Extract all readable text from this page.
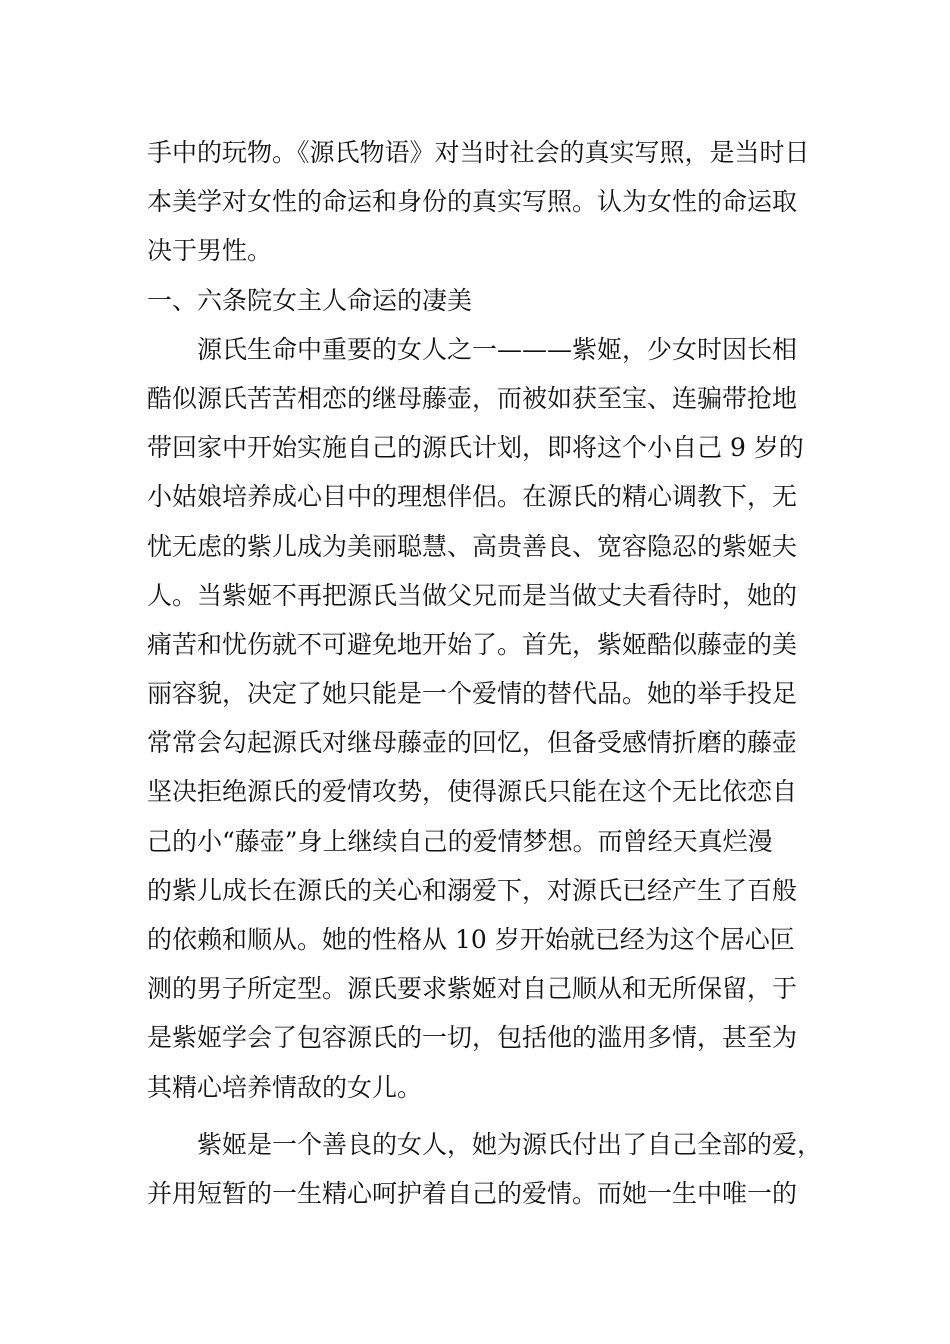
手中的玩物。《源氏物语》对当时社会的真实写照，是当时日
本美学对女性的命运和身份的真实写照。认为女性的命运取
决于男性。
一、六条院女主人命运的凄美
源氏生命中重要的女人之一———紫姬，少女时因长相
酷似源氏苦苦相恋的继母藤壶，而被如获至宝、连骗带抢地
带回家中开始实施自己的源氏计划，即将这个小自己 9 岁的
小姑娘培养成心目中的理想伴侣。在源氏的精心调教下，无
忧无虑的紫儿成为美丽聪慧、高贵善良、宽容隐忍的紫姬夫
人。当紫姬不再把源氏当做父兄而是当做丈夫看待时，她的
痛苦和忧伤就不可避免地开始了。首先，紫姬酷似藤壶的美
丽容貌，决定了她只能是一个爱情的替代品。她的举手投足
常常会勾起源氏对继母藤壶的回忆，但备受感情折磨的藤壶
坚决拒绝源氏的爱情攻势，使得源氏只能在这个无比依恋自
己的小“藤壶”身上继续自己的爱情梦想。而曾经天真烂漫
的紫儿成长在源氏的关心和溺爱下，对源氏已经产生了百般
的依赖和顺从。她的性格从 10 岁开始就已经为这个居心叵
测的男子所定型。源氏要求紫姬对自己顺从和无所保留，于
是紫姬学会了包容源氏的一切，包括他的滥用多情，甚至为
其精心培养情敌的女儿。
紫姬是一个善良的女人，她为源氏付出了自己全部的爱，
并用短暂的一生精心呵护着自己的爱情。而她一生中唯一的
